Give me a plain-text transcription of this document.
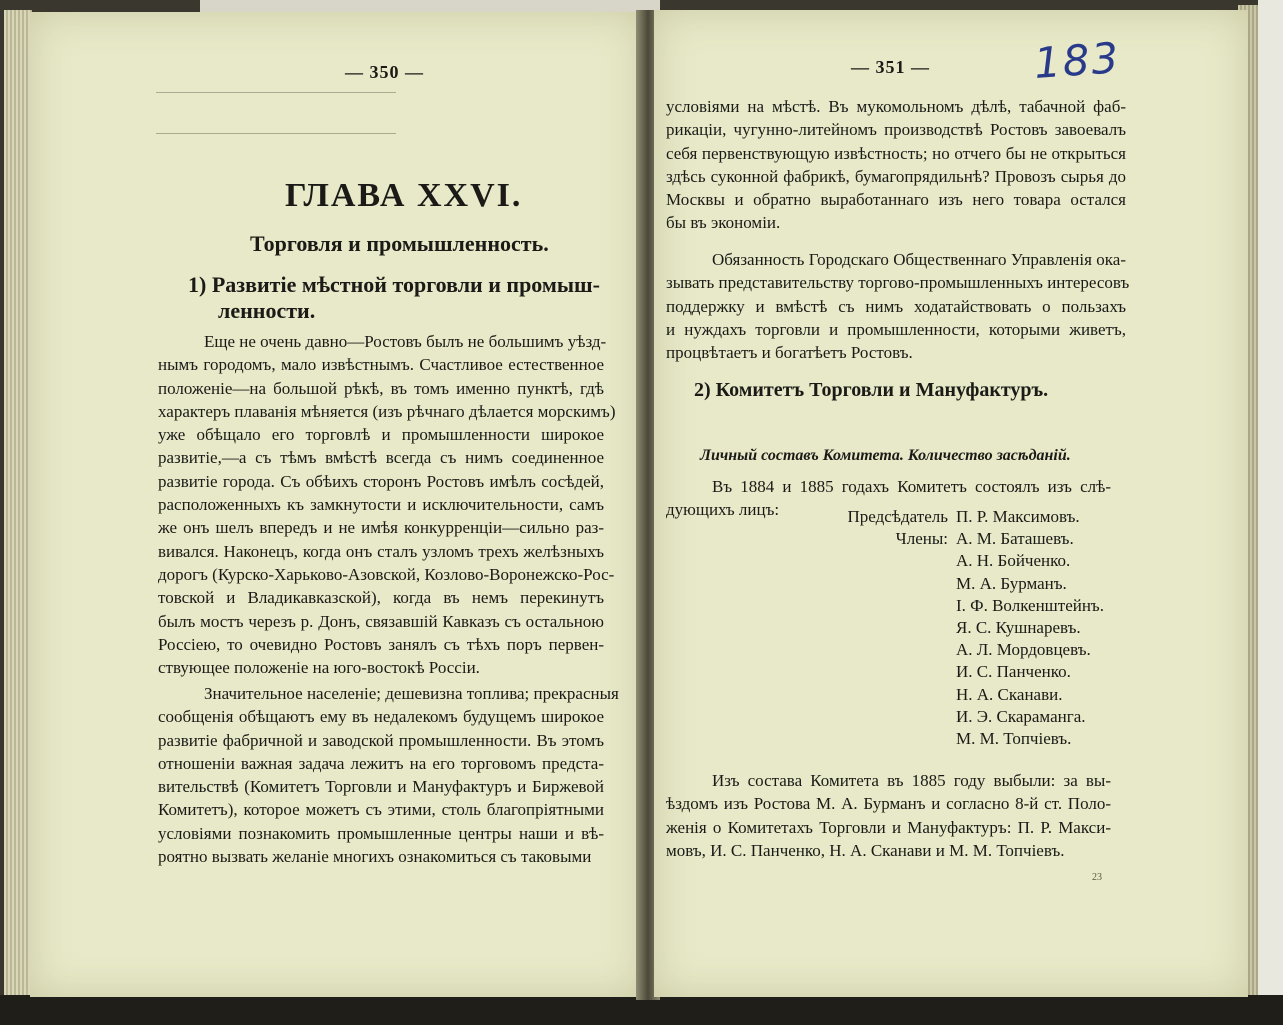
— 350 —
ГЛАВА XXVI.
Торговля и промышленность.
1) Развитіе мѣстной торговли и промыш-
ленности.
Еще не очень давно—Ростовъ былъ не большимъ уѣзд-
нымъ городомъ, мало извѣстнымъ. Счастливое естественное
положеніе—на большой рѣкѣ, въ томъ именно пунктѣ, гдѣ
характеръ плаванія мѣняется (изъ рѣчнаго дѣлается морскимъ)
уже обѣщало его торговлѣ и промышленности широкое
развитіе,—а съ тѣмъ вмѣстѣ всегда съ нимъ соединенное
развитіе города. Съ обѣихъ сторонъ Ростовъ имѣлъ сосѣдей,
расположенныхъ къ замкнутости и исключительности, самъ
же онъ шелъ впередъ и не имѣя конкурренціи—сильно раз-
вивался. Наконецъ, когда онъ сталъ узломъ трехъ желѣзныхъ
дорогъ (Курско-Харьково-Азовской, Козлово-Воронежско-Рос-
товской и Владикавказской), когда въ немъ перекинутъ
былъ мостъ черезъ р. Донъ, связавшій Кавказъ съ остальною
Россіею, то очевидно Ростовъ занялъ съ тѣхъ поръ первен-
ствующее положеніе на юго-востокѣ Россіи.
Значительное населеніе; дешевизна топлива; прекрасныя
сообщенія обѣщаютъ ему въ недалекомъ будущемъ широкое
развитіе фабричной и заводской промышленности. Въ этомъ
отношеніи важная задача лежитъ на его торговомъ предста-
вительствѣ (Комитетъ Торговли и Мануфактуръ и Биржевой
Комитетъ), которое можетъ съ этими, столь благопріятными
условіями познакомить промышленные центры наши и вѣ-
роятно вызвать желаніе многихъ ознакомиться съ таковыми
— 351 — 183
условіями на мѣстѣ. Въ мукомольномъ дѣлѣ, табачной фаб-
рикаціи, чугунно-литейномъ производствѣ Ростовъ завоевалъ
себя первенствующую извѣстность; но отчего бы не открыться
здѣсь суконной фабрикѣ, бумагопрядильнѣ? Провозъ сырья до
Москвы и обратно выработаннаго изъ него товара остался
бы въ экономіи.
Обязанность Городскаго Общественнаго Управленія ока-
зывать представительству торгово-промышленныхъ интересовъ
поддержку и вмѣстѣ съ нимъ ходатайствовать о пользахъ
и нуждахъ торговли и промышленности, которыми живетъ,
процвѣтаетъ и богатѣетъ Ростовъ.
2) Комитетъ Торговли и Мануфактуръ.
Личный составъ Комитета. Количество засѣданій.
Въ 1884 и 1885 годахъ Комитетъ состоялъ изъ слѣ-
дующихъ лицъ:	Предсѣдатель П. Р. Максимовъ.
Члены: А. М. Баташевъ.
А. Н. Бойченко.
М. А. Бурманъ.
І. Ф. Волкенштейнъ.
Я. С. Кушнаревъ.
А. Л. Мордовцевъ.
И. С. Панченко.
Н. А. Сканави.
И. Э. Скараманга.
М. М. Топчіевъ.
Изъ состава Комитета въ 1885 году выбыли: за вы-
ѣздомъ изъ Ростова М. А. Бурманъ и согласно 8-й ст. Поло-
женія о Комитетахъ Торговли и Мануфактуръ: П. Р. Макси-
мовъ, И. С. Панченко, Н. А. Сканави и М. М. Топчіевъ.
23
